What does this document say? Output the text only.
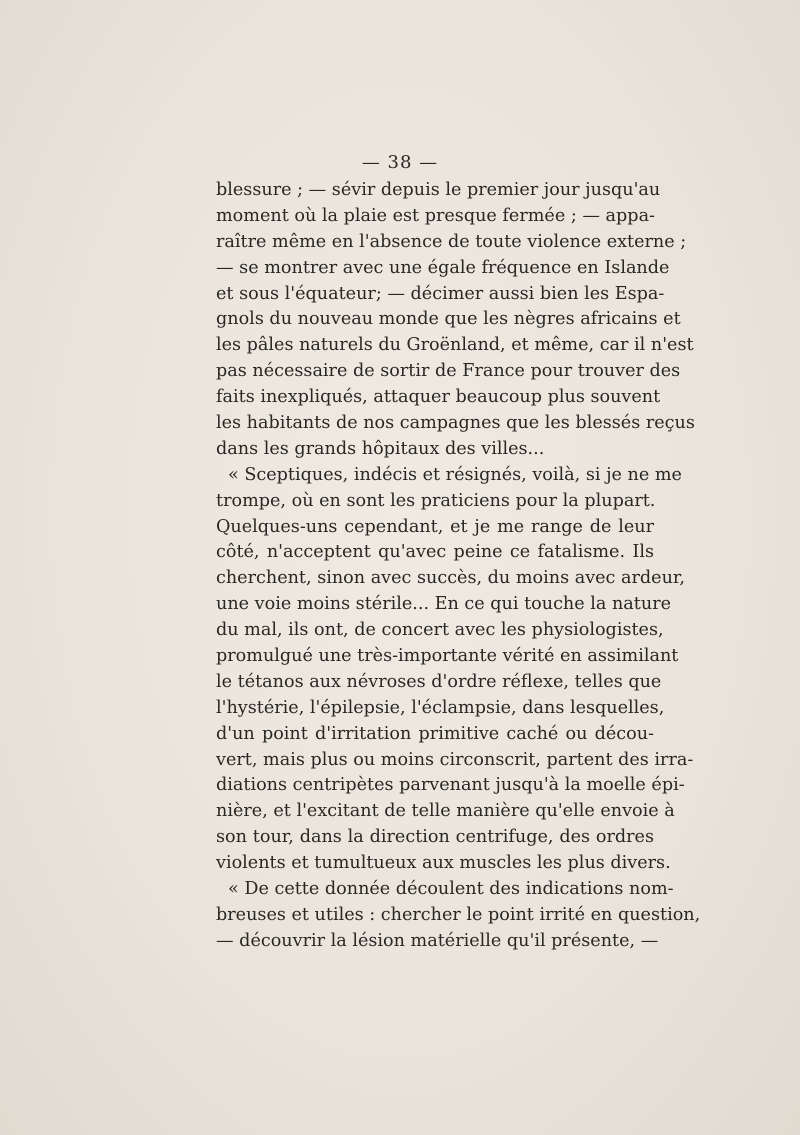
— 38 —
blessure ; — sévir depuis le premier jour jusqu'au
moment où la plaie est presque fermée ; — appa-
raître même en l'absence de toute violence externe ;
— se montrer avec une égale fréquence en Islande
et sous l'équateur; — décimer aussi bien les Espa-
gnols du nouveau monde que les nègres africains et
les pâles naturels du Groënland, et même, car il n'est
pas nécessaire de sortir de France pour trouver des
faits inexpliqués, attaquer beaucoup plus souvent
les habitants de nos campagnes que les blessés reçus
dans les grands hôpitaux des villes...
« Sceptiques, indécis et résignés, voilà, si je ne me
trompe, où en sont les praticiens pour la plupart.
Quelques-uns cependant, et je me range de leur
côté, n'acceptent qu'avec peine ce fatalisme. Ils
cherchent, sinon avec succès, du moins avec ardeur,
une voie moins stérile... En ce qui touche la nature
du mal, ils ont, de concert avec les physiologistes,
promulgué une très-importante vérité en assimilant
le tétanos aux névroses d'ordre réflexe, telles que
l'hystérie, l'épilepsie, l'éclampsie, dans lesquelles,
d'un point d'irritation primitive caché ou décou-
vert, mais plus ou moins circonscrit, partent des irra-
diations centripètes parvenant jusqu'à la moelle épi-
nière, et l'excitant de telle manière qu'elle envoie à
son tour, dans la direction centrifuge, des ordres
violents et tumultueux aux muscles les plus divers.
« De cette donnée découlent des indications nom-
breuses et utiles : chercher le point irrité en question,
— découvrir la lésion matérielle qu'il présente, —
